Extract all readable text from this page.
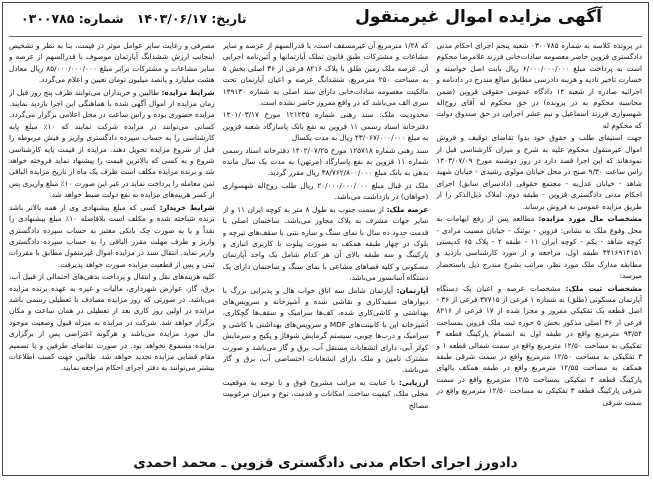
آگهی مزایده اموال غیرمنقول
تاریخ: ۱۴۰۳/۰۶/۱۷   شماره: ۰۳۰۰۷۸۵

در پرونده کلاسه به شماره ۰۳۰۰۷۸۵ شعبه پنجم اجرای احکام مدنی دادگستری قزوین حاضر معصومه سادات‌خانی فرزند غلامرضا محکوم است به پرداخت مبلغ ۶/۰۰۰/۰۰۰/۰۰۰ ریال بابت اصل خواسته و خسارت تاخیر تادیه و هزینه دادرسی مطابق مبالغ مندرج در دادنامه و اجرائیه صادره از شعبه ۱۴ دادگاه عمومی حقوقی قزوین (ضمن محاسبه محکوم به در پرونده) در حق محکوم له آقای روح‌اله شهسواری فرزند اسماعیل و نیم عشر اجرایی در حق صندوق دولت که محکوم له

جهت استیفای طلب و حقوق خود بدوا تقاضای توقیف و فروش اموال غیرمنقول محکوم علیه به شرح و میزان کارشناسی قبل از نمودهاند که این اجرا قصد دارد در روز دوشنبه مورخ ۱۴۰۳/۰۷/۰۹ راس ساعت ۹/۳۰ صبح در محل خیابان مولوی رشیدی - خیابان شهید شاهد - خیابان عدل‌یه - مجتمع حقوقی (دادسرای سابق) اجرای احکام مدنی دادگستری قزوین - طبقه دوم، املاک ذیل‌الذکر را از طریق مزایده عمومی به فروش برساند.

مشخصات مال مورد مزایده: مطالعه پس از رفع ایهامات به محل وقوع ملک به نشانی: قزوین - بوئنک - خیابان مصیب مرادی - کوچه شاهد - یکم - کوچه ایران ۱۱ - طبقه ۲ - پلاک ۶۵ کدپستی ۳۴۱۶۹۱۴۱۵۱ طبقه اول، مراجعه و از مورد کارشناسی بازدید و مطابقه مدارک ملک مورد نظر، مراتب بشرح مندرج ذیل باستحضار میرسد:

مشخصات ثبت ملک: مشخصات عرصه و اعیان یک دستگاه آپارتمان مسکونی (طلق) به شماره ۱ فرعی از ۳۷۷۱۵ فرعی از ۳۶ - اصل قطعه یک تفکیکی مفروز و مجزا شده از ۱۷ فرعی از ۸۲۱۶ فرعی از ۳۶ اصلی مذکور بخش ۵ حوزه ثبت ملک قزوین بمساحت ۹۳/۵۴ مترمربع واقع در طبقه اول به انضمام پارکینگ قطعه ۳ تفکیکی به مساحت ۱۲/۵۰ مترمربع واقع در سمت شمالی قطعه ۱ و ۳ تفکیکی به مساحت ۱۲/۵۰ مترمربع واقع در سمت شرقی طبقه همکف به مساحت ۱۲/۵۵ مترمربع واقع در طبقه همکف بالهای پارکینگ قطعه ۴ تفکیکی بمساحت ۱۲/۵ مترمربع واقع در سمت شرقی پارکینگ قطعه ۳ تفکیکی به مساحت ۱۲/۵۰ مترمربع واقع در سمت شرقی

که ۱/۲۸ مترمربع آن غیرمسقف است، با قدرالسهم از عرصه و سایر مشاعات و مشترکات طبق قانون تملک آپارتمانها و آئین‌نامه اجرایی آن. عرصه ملک زمین طلق با پلاک ۸۲۱۶ فرعی از ۳۶ اصلی بخش ۵ به مساحت ۲۵۰ مترمربع، ششدانگ عرصه و اعیان آپارتمان تحت مالکیت معصومه سادات‌خانی دارای سند اصلی به شماره ۱۴۹۱۳۰ سری الف می‌باشد که در واقع مفروز حاضر نشده است.

محدودیت ملک: سند رهنی شماره ۱۲۱۲۳۵ مورخ ۱۴۰۱/۰۳/۱۷ دفترخانه اسناد رسمی ۱۱ قزوین به نفع بانک پاسارگاد شعبه قزوین به مبلغ ۴۳/۰۶۷/۰۰۰/۰۰۰ ریال به مدت یکسال

سند رهنی شماره ۱۲۵۷۱۸ مورخ ۱۴۰۲/۰۷/۲۵ دفترخانه اسناد رسمی شماره ۱۱ قزوین به نفع پاسارگاد (مرتهن) به مدت یک سال مانده بدهی به بانک مبلغ ۳۸/۷۶۲/۸۰۰/۰۰۰ ریال مقرر گردید.

ملک در قبال مبلغ ۲۰/۰۰۰/۰۰۰/۰۰۰ ریال طلب روح‌اله شهسواری (خواهان) در بازداشت می‌باشد.

عرصه ملک: از سمت جنوب به طول ۸ متر به کوچه ایران ۱۱ و از سایر جهات مشرف به پلاک مجاور می‌باشد. ساختمان اصلی با قدمت حدود ده سال با نمای سنگ و سازه بتنی با سقف‌های تیرچه و بلوک در چهار طبقه همکف به صورت پیلوت با کاربری انباری و پارکینگ و سه طبقه بالای آن هر کدام شامل یک واحد آپارتمان مسکونی و کلیه فضاهای مشاعی با نمای سنگ و ساختمان دارای یک دستگاه آسانسور می‌باشد.

آپارتمان: آپارتمان شامل سه اتاق خواب هال و پذیرایی بزرگ با دیوارهای سفیدکاری و نقاشی شده و آشپزخانه و سرویس‌های بهداشتی و کاشی‌کاری شده، کف‌ها سرامیک و سقف‌ها گچکاری، آشپزخانه اپن با کابینت‌های MDF و سرویس‌های بهداشتی با کاشی و سرامیک و درب‌ها چوبی، سیستم گرمایش شوفاژ و پکیج و سرمایش کولر آبی، دارای انشعابات مستقل آب، برق و گاز می‌باشد و صورت مشترک تامین و ملک دارای انشعابات اختصاصی آب، برق و گاز می‌باشد.

ارزیابی: با عنایت به مراتب مشروح فوق و با توجه به موقعیت محلی ملک، کیفیت ساخت، امکانات و قدمت، نوع و میزان مرغوبیت مصالح

مصرفی و رعایت سایر عوامل موثر در قیمت، بنا به نظر و تشخیص اینجانب ارزش ششدانگ آپارتمان موصوف با قدرالسهم از عرصه و سایر مشاعات و مشترکات برابر مبلغ ۸۵/۰۰۰/۰۰۰/۰۰۰ ریال معادل هشت میلیارد و پانصد میلیون تومان تعیین و اعلام می‌گردد.

شرایط مزایده: طالبین و خریداران می‌توانند ظرف پنج روز قبل از زمان مزایده از اموال آگهی شده با هماهنگی این اجرا بازدید نمایند. مزایده حضوری بوده و راس ساعت در محل اعلامی برگزار می‌گردد. کسانی می‌توانند در مزایده شرکت نمایند که ۱۰٪ مبلغ پایه کارشناسی را به حساب سپرده دادگستری واریز و فیش مربوطه را قبل از شروع مزایده تحویل دهند. مزایده از قیمت پایه کارشناسی شروع و به کسی که بالاترین قیمت را پیشنهاد نماید فروخته خواهد شد و برنده مزایده مکلف است ظرف یک ماه از تاریخ مزایده الباقی ثمن معامله را پرداخت نماید در غیر این صورت ۱۰٪ مبلغ واریزی پس از کسر هزینه‌های مزایده به نفع دولت ضبط خواهد شد.

شرایط خریدار: کسی که مبلغ پیشنهادی وی از همه بالاتر باشد برنده شناخته شده و مکلف است بلافاصله ۱۰٪ مبلغ پیشنهادی را نقداً و یا به صورت چک بانکی معتبر به حساب سپرده دادگستری واریز و ظرف مهلت مقرر الباقی را به حساب سپرده دادگستری واریز نماید. انتقال سند در مزایده اموال غیرمنقول مطابق با مقررات ثبتی و پس از قطعیت مزایده صورت خواهد پذیرفت.

کلیه هزینه‌های نقل و انتقال و پرداخت بدهی‌های احتمالی از قبیل آب، برق، گاز، عوارض شهرداری، مالیات و غیره به عهده برنده مزایده می‌باشد. در صورتی که روز مزایده مصادف با تعطیلی رسمی باشد مزایده در اولین روز کاری بعد از تعطیلی در همان ساعت و مکان برگزار خواهد شد. شرکت در مزایده به منزله قبول وضعیت موجود مال مورد مزایده می‌باشد و هرگونه اعتراضی پس از برگزاری مزایده مسموع نخواهد بود. در صورت تقاضای طرفین و یا تصمیم مقام قضایی مزایده تجدید خواهد شد. طالبین جهت کسب اطلاعات بیشتر می‌توانند به دفتر اجرای احکام مراجعه نمایند.

دادورز اجرای احکام مدنی دادگستری قزوین ـ محمد احمدی
